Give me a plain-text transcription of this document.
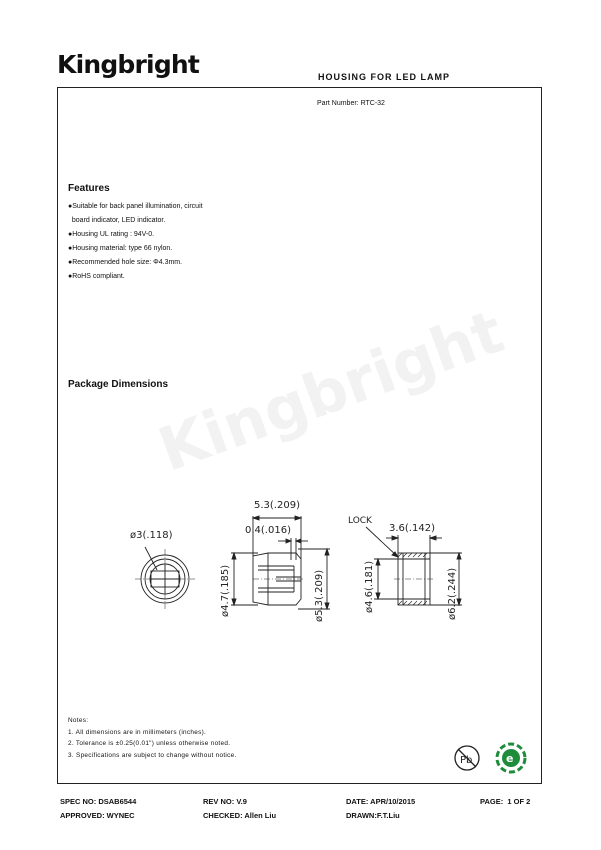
Kingbright	HOUSING FOR LED LAMP
Kingbright
Part Number: RTC-32
Features
●Suitable for back panel illumination, circuit
board indicator, LED indicator.
●Housing UL rating : 94V-0.
●Housing material: type 66 nylon.
●Recommended hole size: Φ4.3mm.
●RoHS compliant.
Package Dimensions
ø3(.118)
5.3(.209)
0.4(.016)
ø4.7(.185)	ø5.3(.209)
LOCK
3.6(.142)
ø4.6(.181)	ø6.2(.244)
Notes:
1. All dimensions are in millimeters (inches).
2. Tolerance is ±0.25(0.01") unless otherwise noted.
3. Specifications are subject to change without notice.	Pb	e
SPEC NO: DSAB6544	REV NO: V.9	DATE: APR/10/2015	PAGE:  1 OF 2
APPROVED: WYNEC	CHECKED: Allen Liu	DRAWN:F.T.Liu
